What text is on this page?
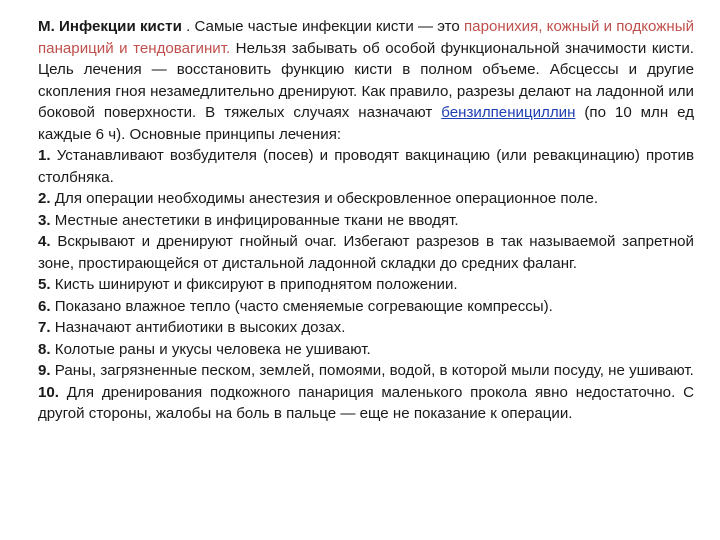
М. Инфекции кисти . Самые частые инфекции кисти — это паронихия, кожный и подкожный панариций и тендовагинит. Нельзя забывать об особой функциональной значимости кисти. Цель лечения — восстановить функцию кисти в полном объеме. Абсцессы и другие скопления гноя незамедлительно дренируют. Как правило, разрезы делают на ладонной или боковой поверхности. В тяжелых случаях назначают бензилпенициллин (по 10 млн ед каждые 6 ч). Основные принципы лечения:

1. Устанавливают возбудителя (посев) и проводят вакцинацию (или ревакцинацию) против столбняка.

2. Для операции необходимы анестезия и обескровленное операционное поле.

3. Местные анестетики в инфицированные ткани не вводят.

4. Вскрывают и дренируют гнойный очаг. Избегают разрезов в так называемой запретной зоне, простирающейся от дистальной ладонной складки до средних фаланг.

5. Кисть шинируют и фиксируют в приподнятом положении.

6. Показано влажное тепло (часто сменяемые согревающие компрессы).

7. Назначают антибиотики в высоких дозах.

8. Колотые раны и укусы человека не ушивают.

9. Раны, загрязненные песком, землей, помоями, водой, в которой мыли посуду, не ушивают.

10. Для дренирования подкожного панариция маленького прокола явно недостаточно. С другой стороны, жалобы на боль в пальце — еще не показание к операции.
